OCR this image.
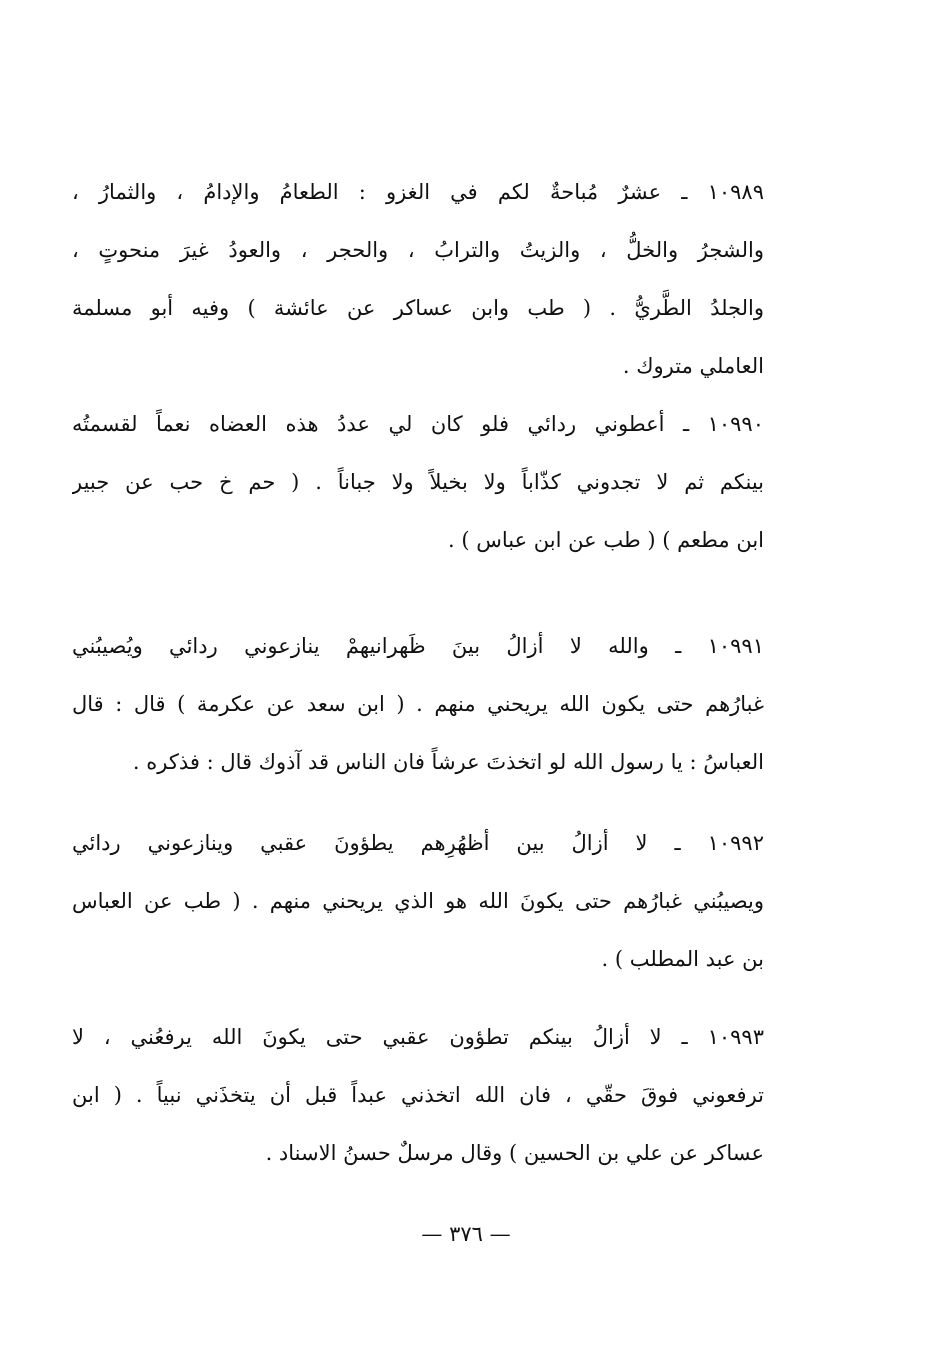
١٠٩٨٩ ـ عشرٌ مُباحةٌ لكم في الغزو : الطعامُ والإدامُ ، والثمارُ ،
والشجرُ والخلُّ ، والزيتُ والترابُ ، والحجر ، والعودُ غيرَ منحوتٍ ،
والجلدُ الطَّريُّ . ( طب وابن عساكر عن عائشة ) وفيه أبو مسلمة
العاملي متروك .
١٠٩٩٠ ـ أعطوني ردائي فلو كان لي عددُ هذه العضاه نعماً لقسمتُه
بينكم ثم لا تجدوني كذّاباً ولا بخيلاً ولا جباناً . ( حم خ حب عن جبير
ابن مطعم ) ( طب عن ابن عباس ) .
١٠٩٩١ ـ والله لا أزالُ بينَ ظَهرانيهمْ ينازعوني ردائي ويُصيبُني
غبارُهم حتى يكون الله يريحني منهم . ( ابن سعد عن عكرمة ) قال : قال
العباسُ : يا رسول الله لو اتخذتَ عرشاً فان الناس قد آذوك قال : فذكره .
١٠٩٩٢ ـ لا أزالُ بين أظهُرِهم يطؤونَ عقبي وينازعوني ردائي
ويصيبُني غبارُهم حتى يكونَ الله هو الذي يريحني منهم . ( طب عن العباس
بن عبد المطلب ) .
١٠٩٩٣ ـ لا أزالُ بينكم تطؤون عقبي حتى يكونَ الله يرفعُني ، لا
ترفعوني فوقَ حقّي ، فان الله اتخذني عبداً قبل أن يتخذَني نبياً . ( ابن
عساكر عن علي بن الحسين ) وقال مرسلٌ حسنُ الاسناد .
— ٣٧٦ —
